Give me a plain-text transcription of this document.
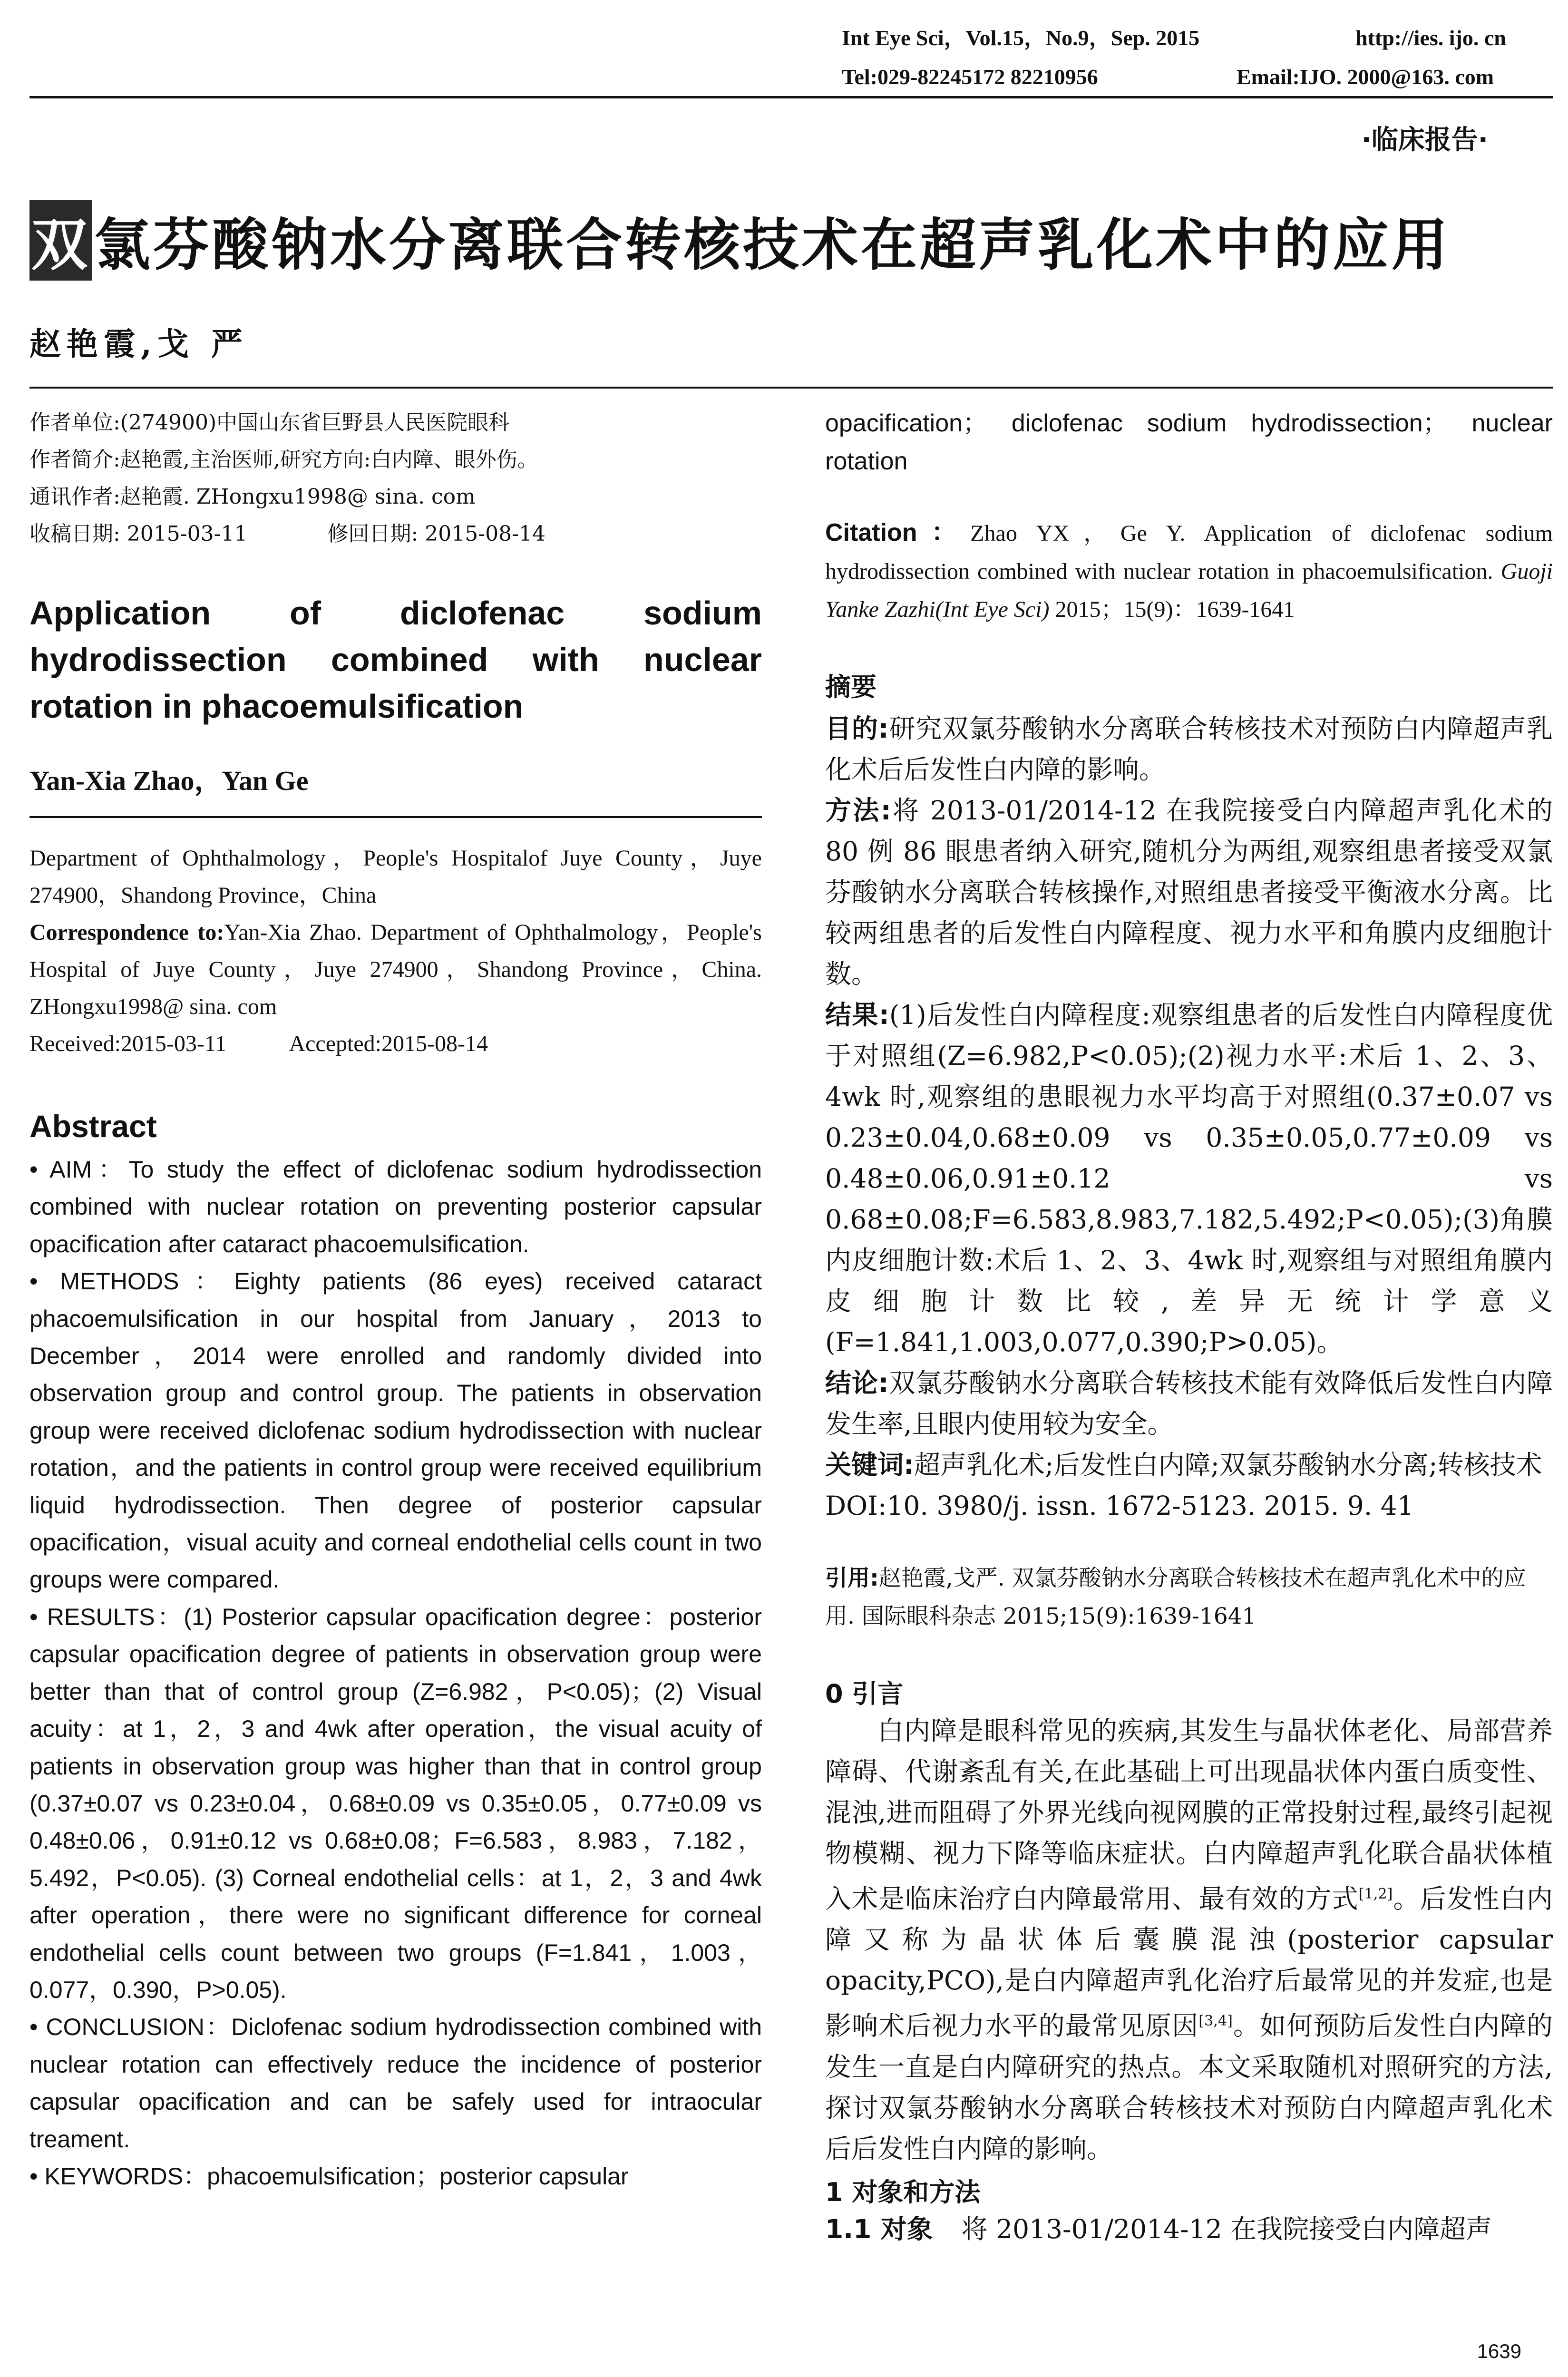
Int Eye Sci，Vol.15，No.9，Sep. 2015	http://ies. ijo. cn
Tel:029-82245172 82210956	Email:IJO. 2000@163. com
·临床报告·
双氯芬酸钠水分离联合转核技术在超声乳化术中的应用
赵艳霞,戈 严
作者单位:(274900)中国山东省巨野县人民医院眼科
作者简介:赵艳霞,主治医师,研究方向:白内障、眼外伤。
通讯作者:赵艳霞. ZHongxu1998@ sina. com
收稿日期: 2015-03-11	修回日期: 2015-08-14
Application of diclofenac sodium hydrodissection combined with nuclear rotation in phacoemulsification
Yan-Xia Zhao，Yan Ge
Department of Ophthalmology，People's Hospitalof Juye County，Juye 274900，Shandong Province，China
Correspondence to:Yan-Xia Zhao. Department of Ophthalmology，People's Hospital of Juye County，Juye 274900，Shandong Province，China. ZHongxu1998@ sina. com
Received:2015-03-11	Accepted:2015-08-14
Abstract

• AIM：To study the effect of diclofenac sodium hydrodissection combined with nuclear rotation on preventing posterior capsular opacification after cataract phacoemulsification.

• METHODS：Eighty patients (86 eyes) received cataract phacoemulsification in our hospital from January，2013 to December，2014 were enrolled and randomly divided into observation group and control group. The patients in observation group were received diclofenac sodium hydrodissection with nuclear rotation，and the patients in control group were received equilibrium liquid hydrodissection. Then degree of posterior capsular opacification，visual acuity and corneal endothelial cells count in two groups were compared.

• RESULTS：(1) Posterior capsular opacification degree：posterior capsular opacification degree of patients in observation group were better than that of control group (Z=6.982，P<0.05)；(2) Visual acuity：at 1，2，3 and 4wk after operation，the visual acuity of patients in observation group was higher than that in control group (0.37±0.07 vs 0.23±0.04，0.68±0.09 vs 0.35±0.05，0.77±0.09 vs 0.48±0.06，0.91±0.12 vs 0.68±0.08；F=6.583，8.983，7.182，5.492，P<0.05). (3) Corneal endothelial cells：at 1，2，3 and 4wk after operation，there were no significant difference for corneal endothelial cells count between two groups (F=1.841，1.003，0.077，0.390，P>0.05).

• CONCLUSION：Diclofenac sodium hydrodissection combined with nuclear rotation can effectively reduce the incidence of posterior capsular opacification and can be safely used for intraocular treament.

• KEYWORDS：phacoemulsification；posterior capsular

opacification； diclofenac sodium hydrodissection； nuclear rotation
Citation：Zhao YX，Ge Y. Application of diclofenac sodium hydrodissection combined with nuclear rotation in phacoemulsification. Guoji Yanke Zazhi(Int Eye Sci) 2015；15(9)：1639-1641
摘要

目的:研究双氯芬酸钠水分离联合转核技术对预防白内障超声乳化术后后发性白内障的影响。

方法:将 2013-01/2014-12 在我院接受白内障超声乳化术的 80 例 86 眼患者纳入研究,随机分为两组,观察组患者接受双氯芬酸钠水分离联合转核操作,对照组患者接受平衡液水分离。比较两组患者的后发性白内障程度、视力水平和角膜内皮细胞计数。

结果:(1)后发性白内障程度:观察组患者的后发性白内障程度优于对照组(Z=6.982,P<0.05);(2)视力水平:术后 1、2、3、4wk 时,观察组的患眼视力水平均高于对照组(0.37±0.07 vs 0.23±0.04,0.68±0.09 vs 0.35±0.05,0.77±0.09 vs 0.48±0.06,0.91±0.12 vs 0.68±0.08;F=6.583,8.983,7.182,5.492;P<0.05);(3)角膜内皮细胞计数:术后 1、2、3、4wk 时,观察组与对照组角膜内皮细胞计数比较,差异无统计学意义(F=1.841,1.003,0.077,0.390;P>0.05)。

结论:双氯芬酸钠水分离联合转核技术能有效降低后发性白内障发生率,且眼内使用较为安全。

关键词:超声乳化术;后发性白内障;双氯芬酸钠水分离;转核技术

DOI:10. 3980/j. issn. 1672-5123. 2015. 9. 41

引用:赵艳霞,戈严. 双氯芬酸钠水分离联合转核技术在超声乳化术中的应用. 国际眼科杂志 2015;15(9):1639-1641
0 引言
白内障是眼科常见的疾病,其发生与晶状体老化、局部营养障碍、代谢紊乱有关,在此基础上可出现晶状体内蛋白质变性、混浊,进而阻碍了外界光线向视网膜的正常投射过程,最终引起视物模糊、视力下降等临床症状。白内障超声乳化联合晶状体植入术是临床治疗白内障最常用、最有效的方式[1,2]。后发性白内障又称为晶状体后囊膜混浊(posterior capsular opacity,PCO),是白内障超声乳化治疗后最常见的并发症,也是影响术后视力水平的最常见原因[3,4]。如何预防后发性白内障的发生一直是白内障研究的热点。本文采取随机对照研究的方法,探讨双氯芬酸钠水分离联合转核技术对预防白内障超声乳化术后后发性白内障的影响。
1 对象和方法
1.1 对象 将 2013-01/2014-12 在我院接受白内障超声
1639
